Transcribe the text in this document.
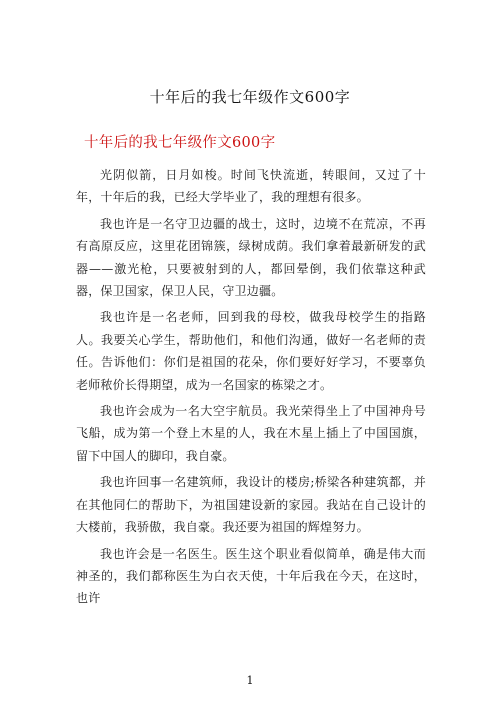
十年后的我七年级作文600字
十年后的我七年级作文600字

光阴似箭，日月如梭。时间飞快流逝，转眼间，又过了十年，十年后的我，已经大学毕业了，我的理想有很多。

我也许是一名守卫边疆的战士，这时，边境不在荒凉，不再有高原反应，这里花团锦簇，绿树成荫。我们拿着最新研发的武器——激光枪，只要被射到的人，都回晕倒，我们依靠这种武器，保卫国家，保卫人民，守卫边疆。

我也许是一名老师，回到我的母校，做我母校学生的指路人。我要关心学生，帮助他们，和他们沟通，做好一名老师的责任。告诉他们：你们是祖国的花朵，你们要好好学习，不要辜负老师秾价长得期望，成为一名国家的栋梁之才。

我也许会成为一名大空宇航员。我光荣得坐上了中国神舟号飞船，成为第一个登上木星的人，我在木星上插上了中国国旗，留下中国人的脚印，我自豪。

我也许回事一名建筑师，我设计的楼房;桥梁各种建筑都，并在其他同仁的帮助下，为祖国建设新的家园。我站在自己设计的大楼前，我骄傲，我自豪。我还要为祖国的辉煌努力。

我也许会是一名医生。医生这个职业看似简单，确是伟大而神圣的，我们都称医生为白衣天使，十年后我在今天，在这时，也许

1
